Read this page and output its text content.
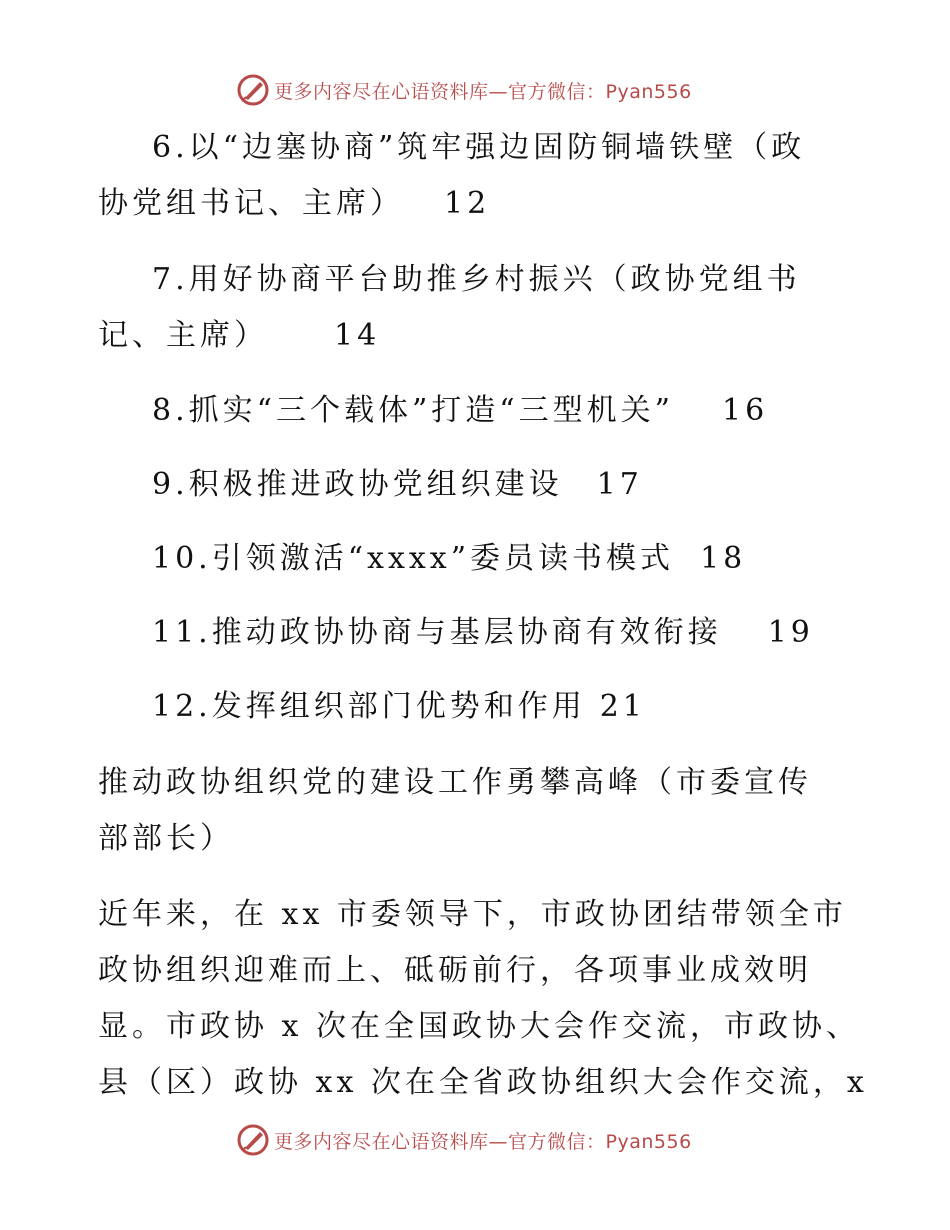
更多内容尽在心语资料库—官方微信：Pyan556
6.以“边塞协商”筑牢强边固防铜墙铁壁（政
协党组书记、主席） 12
7.用好协商平台助推乡村振兴（政协党组书
记、主席） 14
8.抓实“三个载体”打造“三型机关” 16
9.积极推进政协党组织建设 17
10.引领激活“xxxx”委员读书模式 18
11.推动政协协商与基层协商有效衔接 19
12.发挥组织部门优势和作用 21
推动政协组织党的建设工作勇攀高峰（市委宣传
部部长）
近年来，在 xx 市委领导下，市政协团结带领全市
政协组织迎难而上、砥砺前行，各项事业成效明
显。市政协 x 次在全国政协大会作交流，市政协、
县（区）政协 xx 次在全省政协组织大会作交流，x
更多内容尽在心语资料库—官方微信：Pyan556
